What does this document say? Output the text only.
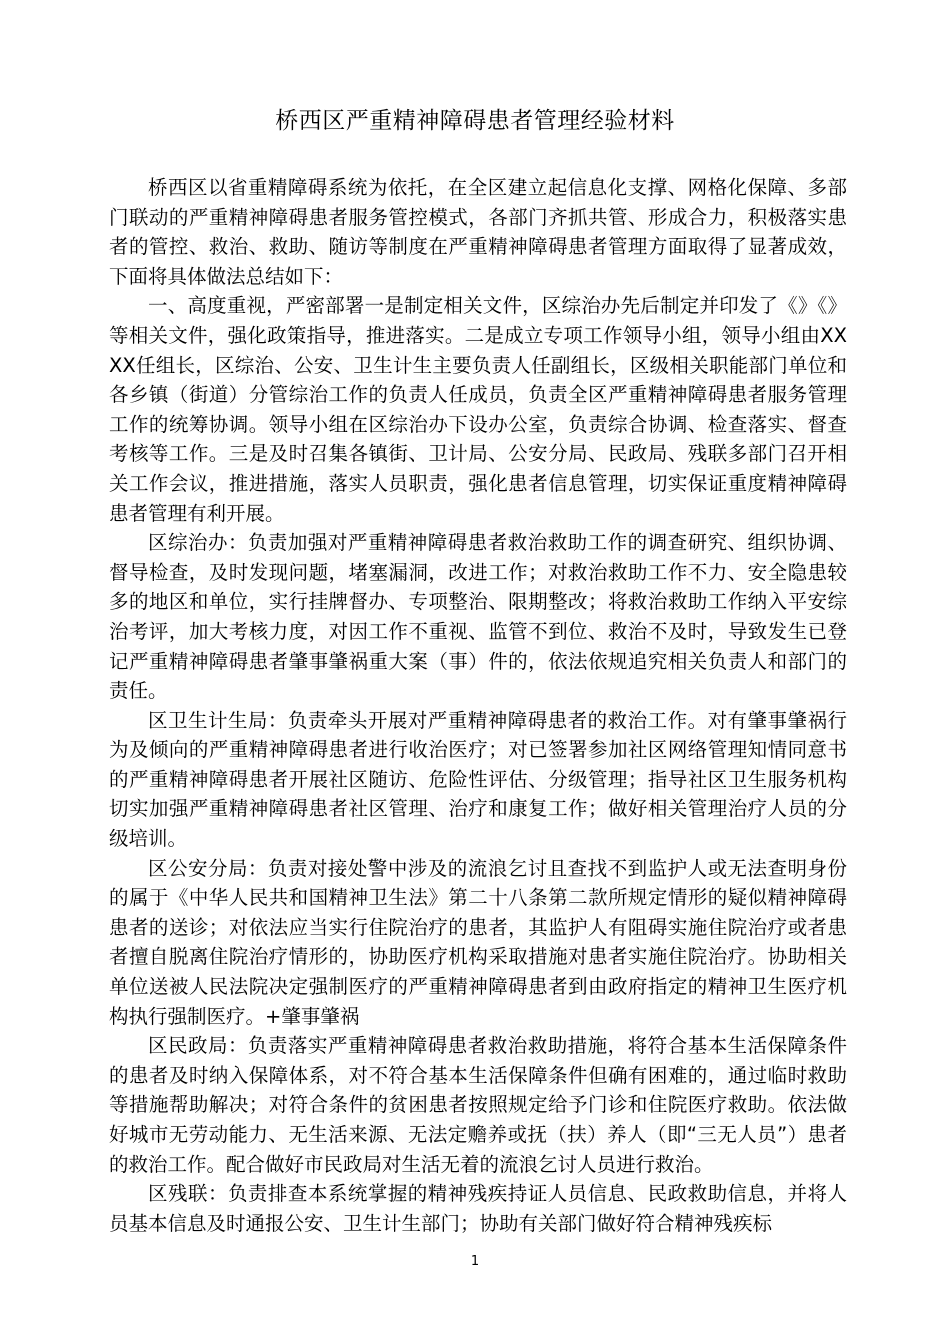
桥西区严重精神障碍患者管理经验材料

桥西区以省重精障碍系统为依托，在全区建立起信息化支撑、网格化保障、多部门联动的严重精神障碍患者服务管控模式，各部门齐抓共管、形成合力，积极落实患者的管控、救治、救助、随访等制度在严重精神障碍患者管理方面取得了显著成效，下面将具体做法总结如下：

一、高度重视，严密部署一是制定相关文件，区综治办先后制定并印发了《》《》等相关文件，强化政策指导，推进落实。二是成立专项工作领导小组，领导小组由XXXX任组长，区综治、公安、卫生计生主要负责人任副组长，区级相关职能部门单位和各乡镇（街道）分管综治工作的负责人任成员，负责全区严重精神障碍患者服务管理工作的统筹协调。领导小组在区综治办下设办公室，负责综合协调、检查落实、督查考核等工作。三是及时召集各镇街、卫计局、公安分局、民政局、残联多部门召开相关工作会议，推进措施，落实人员职责，强化患者信息管理，切实保证重度精神障碍患者管理有利开展。

区综治办：负责加强对严重精神障碍患者救治救助工作的调查研究、组织协调、督导检查，及时发现问题，堵塞漏洞，改进工作；对救治救助工作不力、安全隐患较多的地区和单位，实行挂牌督办、专项整治、限期整改；将救治救助工作纳入平安综治考评，加大考核力度，对因工作不重视、监管不到位、救治不及时，导致发生已登记严重精神障碍患者肇事肇祸重大案（事）件的，依法依规追究相关负责人和部门的责任。

区卫生计生局：负责牵头开展对严重精神障碍患者的救治工作。对有肇事肇祸行为及倾向的严重精神障碍患者进行收治医疗；对已签署参加社区网络管理知情同意书的严重精神障碍患者开展社区随访、危险性评估、分级管理；指导社区卫生服务机构切实加强严重精神障碍患者社区管理、治疗和康复工作；做好相关管理治疗人员的分级培训。

区公安分局：负责对接处警中涉及的流浪乞讨且查找不到监护人或无法查明身份的属于《中华人民共和国精神卫生法》第二十八条第二款所规定情形的疑似精神障碍患者的送诊；对依法应当实行住院治疗的患者，其监护人有阻碍实施住院治疗或者患者擅自脱离住院治疗情形的，协助医疗机构采取措施对患者实施住院治疗。协助相关单位送被人民法院决定强制医疗的严重精神障碍患者到由政府指定的精神卫生医疗机构执行强制医疗。+肇事肇祸

区民政局：负责落实严重精神障碍患者救治救助措施，将符合基本生活保障条件的患者及时纳入保障体系，对不符合基本生活保障条件但确有困难的，通过临时救助等措施帮助解决；对符合条件的贫困患者按照规定给予门诊和住院医疗救助。依法做好城市无劳动能力、无生活来源、无法定赡养或抚（扶）养人（即“三无人员”）患者的救治工作。配合做好市民政局对生活无着的流浪乞讨人员进行救治。

区残联：负责排查本系统掌握的精神残疾持证人员信息、民政救助信息，并将人员基本信息及时通报公安、卫生计生部门；协助有关部门做好符合精神残疾标

1
